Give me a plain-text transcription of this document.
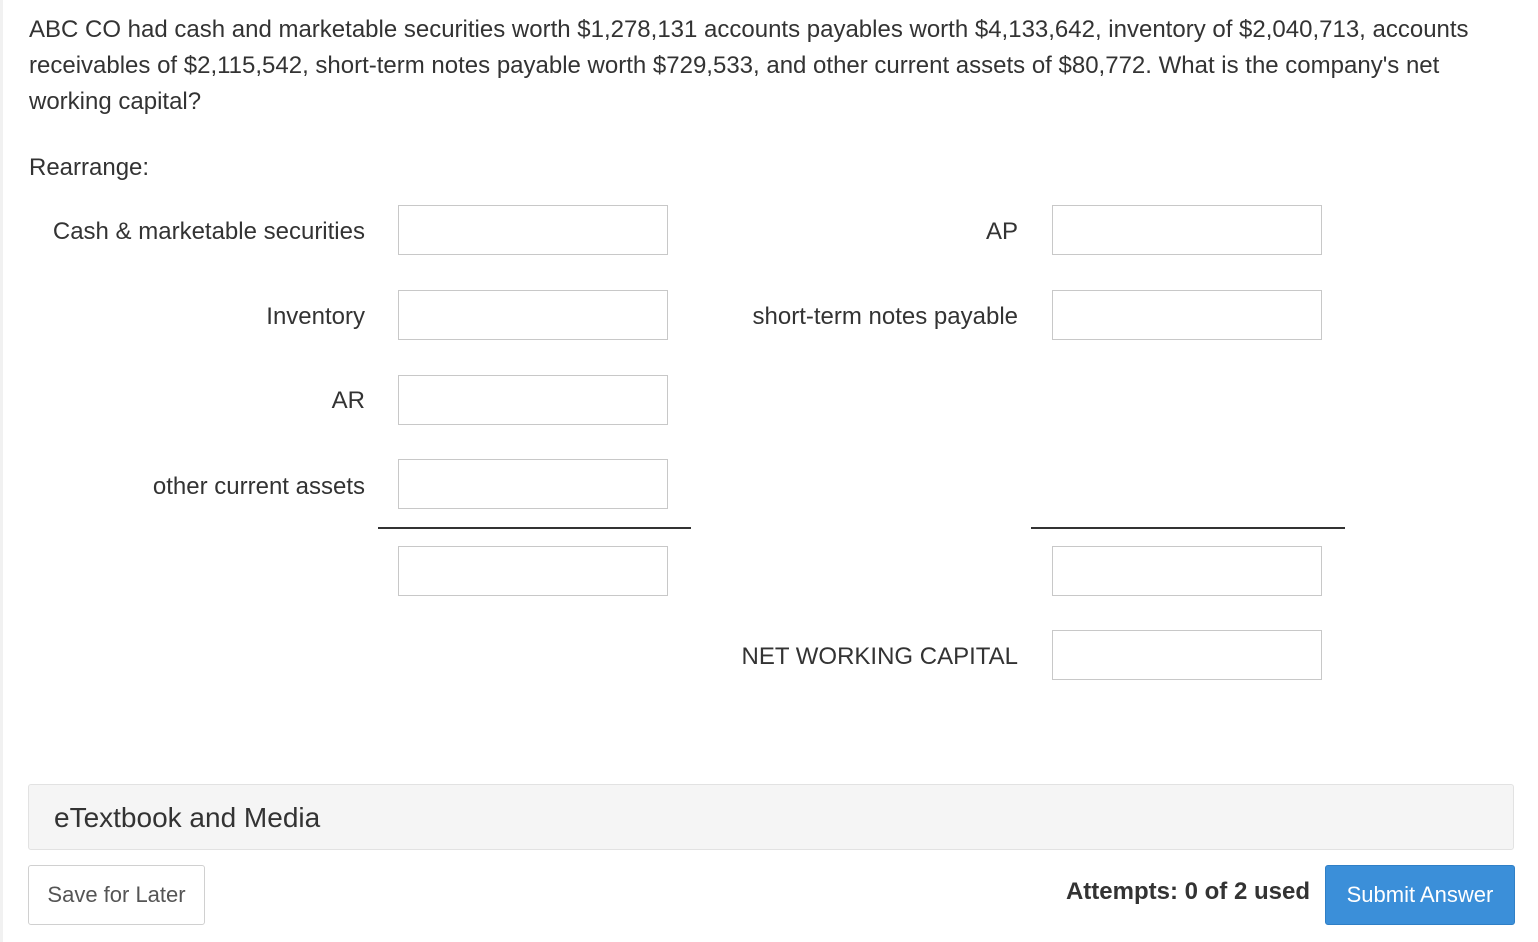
ABC CO had cash and marketable securities worth $1,278,131 accounts payables worth $4,133,642, inventory of $2,040,713, accounts receivables of $2,115,542, short-term notes payable worth $729,533, and other current assets of $80,772. What is the company's net working capital?
Rearrange:
Cash & marketable securities
Inventory
AR
other current assets
AP
short-term notes payable
NET WORKING CAPITAL
eTextbook and Media
Save for Later	Attempts: 0 of 2 used	Submit Answer
